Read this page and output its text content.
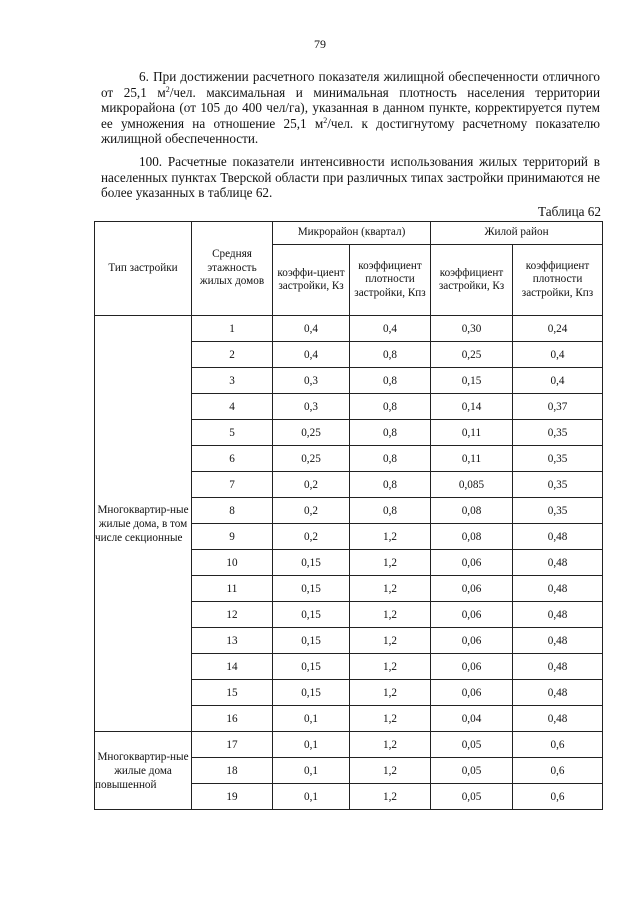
79

6. При достижении расчетного показателя жилищной обеспеченности отличного от 25,1 $м^2$/чел. максимальная и минимальная плотность населения территории микрорайона (от 105 до 400 чел/га), указанная в данном пункте, корректируется путем ее умножения на отношение 25,1 $м^2$/чел. к достигнутому расчетному показателю жилищной обеспеченности.

100. Расчетные показатели интенсивности использования жилых территорий в населенных пунктах Тверской области при различных типах застройки принимаются не более указанных в таблице 62.

Таблица 62
Тип застройки	Средняя этажность жилых домов	Микрорайон (квартал)		Жилой район	
		коэффи-циент застройки, Кз	коэффициент плотности застройки, Кпз	коэффициент застройки, Кз	коэффициент плотности застройки, Кпз

Многоквартир-ные жилые дома, в том числе секционные	1	0,4	0,4	0,30	0,24
	2	0,4	0,8	0,25	0,4
	3	0,3	0,8	0,15	0,4
	4	0,3	0,8	0,14	0,37
	5	0,25	0,8	0,11	0,35
	6	0,25	0,8	0,11	0,35
	7	0,2	0,8	0,085	0,35
	8	0,2	0,8	0,08	0,35
	9	0,2	1,2	0,08	0,48
	10	0,15	1,2	0,06	0,48
	11	0,15	1,2	0,06	0,48
	12	0,15	1,2	0,06	0,48
	13	0,15	1,2	0,06	0,48
	14	0,15	1,2	0,06	0,48
	15	0,15	1,2	0,06	0,48
	16	0,1	1,2	0,04	0,48

Многоквартир-ные жилые дома повышенной	17	0,1	1,2	0,05	0,6
	18	0,1	1,2	0,05	0,6
	19	0,1	1,2	0,05	0,6
